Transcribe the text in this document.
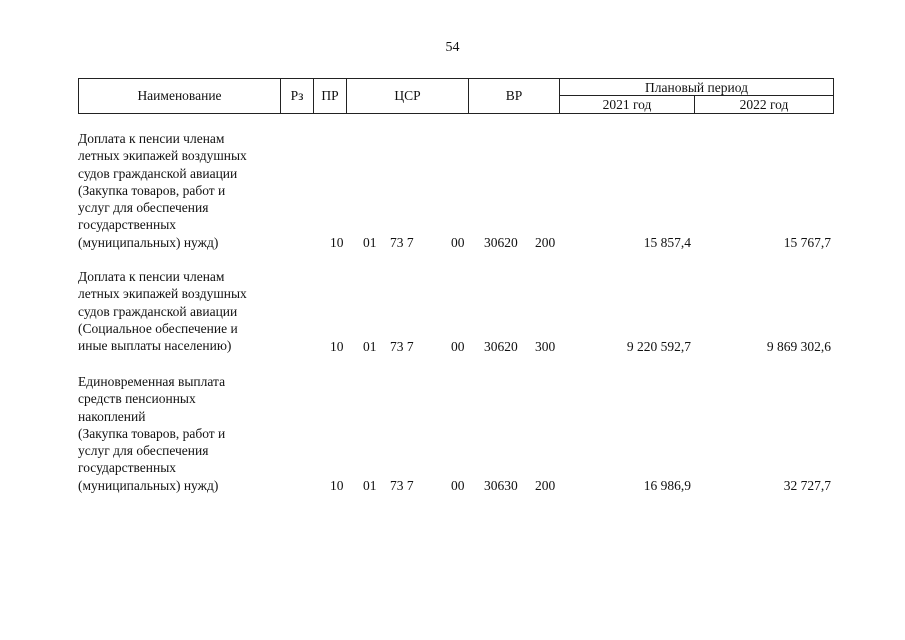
54
Наименование	Рз	ПР	ЦСР	ВР
Плановый период
2021 год	2022 год
Доплата к пенсии членам
летных экипажей воздушных
судов гражданской авиации
(Закупка товаров, работ и
услуг для обеспечения
государственных
(муниципальных) нужд)	10 01 73 7	00 30620 200	15 857,4	15 767,7
Доплата к пенсии членам
летных экипажей воздушных
судов гражданской авиации
(Социальное обеспечение и
иные выплаты населению)	10 01 73 7	00 30620 300	9 220 592,7	9 869 302,6
Единовременная выплата
средств пенсионных
накоплений
(Закупка товаров, работ и
услуг для обеспечения
государственных
(муниципальных) нужд)	10 01 73 7	00 30630 200	16 986,9	32 727,7
